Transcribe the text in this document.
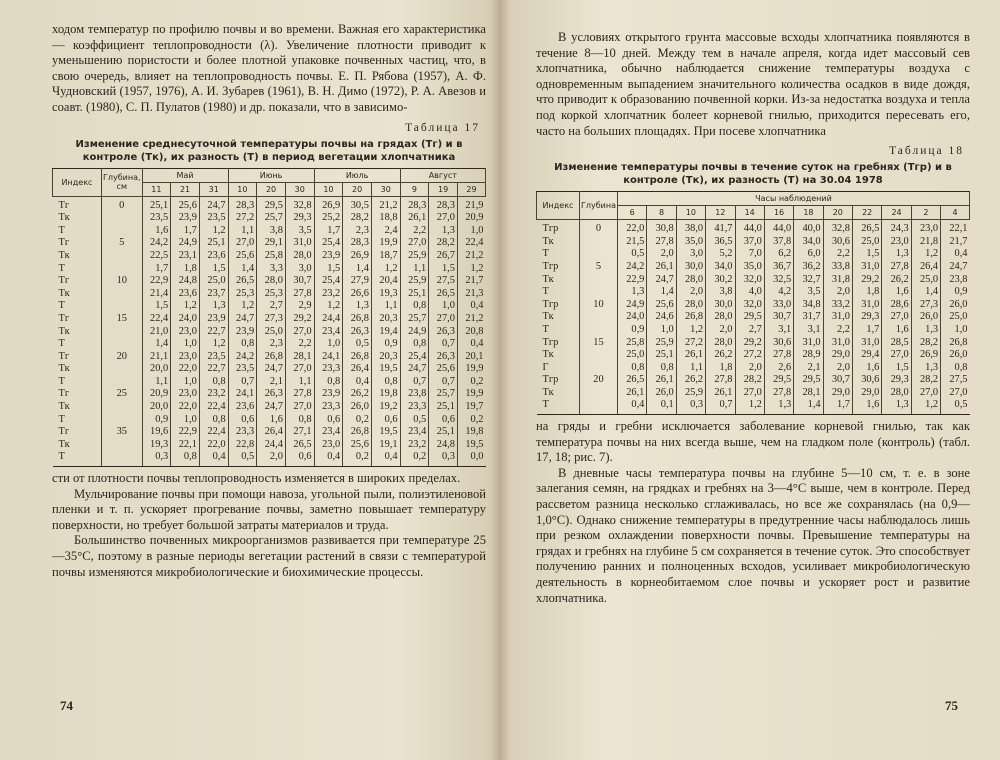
ходом температур по профилю почвы и во времени. Важная его характеристика — коэффициент теплопроводности (λ). Увеличение плотности приводит к уменьшению пористости и более плотной упаковке почвенных частиц, что, в свою очередь, влияет на теплопроводность почвы. Е. П. Рябова (1957), А. Ф. Чудновский (1957, 1976), А. И. Зубарев (1961), В. Н. Димо (1972), Р. А. Авезов и соавт. (1980), С. П. Пулатов (1980) и др. показали, что в зависимо-

Таблица 17
Изменение среднесуточной температуры почвы на грядах (Тг) и в контроле (Тк), их разность (Т) в период вегетации хлопчатника
Индекс	Глубина, см	Май			Июнь			Июль			Август		
		11	21	31	10	20	30	10	20	30	9	19	29
Тг	0	25,1	25,6	24,7	28,3	29,5	32,8	26,9	30,5	21,2	28,3	28,3	21,9
Тк		23,5	23,9	23,5	27,2	25,7	29,3	25,2	28,2	18,8	26,1	27,0	20,9
Т		1,6	1,7	1,2	1,1	3,8	3,5	1,7	2,3	2,4	2,2	1,3	1,0
Тг	5	24,2	24,9	25,1	27,0	29,1	31,0	25,4	28,3	19,9	27,0	28,2	22,4
Тк		22,5	23,1	23,6	25,6	25,8	28,0	23,9	26,9	18,7	25,9	26,7	21,2
Т		1,7	1,8	1,5	1,4	3,3	3,0	1,5	1,4	1,2	1,1	1,5	1,2
Тг	10	22,9	24,8	25,0	26,5	28,0	30,7	25,4	27,9	20,4	25,9	27,5	21,7
Тк		21,4	23,6	23,7	25,3	25,3	27,8	23,2	26,6	19,3	25,1	26,5	21,3
Т		1,5	1,2	1,3	1,2	2,7	2,9	1,2	1,3	1,1	0,8	1,0	0,4
Тг	15	22,4	24,0	23,9	24,7	27,3	29,2	24,4	26,8	20,3	25,7	27,0	21,2
Тк		21,0	23,0	22,7	23,9	25,0	27,0	23,4	26,3	19,4	24,9	26,3	20,8
Т		1,4	1,0	1,2	0,8	2,3	2,2	1,0	0,5	0,9	0,8	0,7	0,4
Тг	20	21,1	23,0	23,5	24,2	26,8	28,1	24,1	26,8	20,3	25,4	26,3	20,1
Тк		20,0	22,0	22,7	23,5	24,7	27,0	23,3	26,4	19,5	24,7	25,6	19,9
Т		1,1	1,0	0,8	0,7	2,1	1,1	0,8	0,4	0,8	0,7	0,7	0,2
Тг	25	20,9	23,0	23,2	24,1	26,3	27,8	23,9	26,2	19,8	23,8	25,7	19,9
Тк		20,0	22,0	22,4	23,6	24,7	27,0	23,3	26,0	19,2	23,3	25,1	19,7
Т		0,9	1,0	0,8	0,6	1,6	0,8	0,6	0,2	0,6	0,5	0,6	0,2
Тг	35	19,6	22,9	22,4	23,3	26,4	27,1	23,4	26,8	19,5	23,4	25,1	19,8
Тк		19,3	22,1	22,0	22,8	24,4	26,5	23,0	25,6	19,1	23,2	24,8	19,5
Т		0,3	0,8	0,4	0,5	2,0	0,6	0,4	0,2	0,4	0,2	0,3	0,0

сти от плотности почвы теплопроводность изменяется в широких пределах.

Мульчирование почвы при помощи навоза, угольной пыли, полиэтиленовой пленки и т. п. ускоряет прогревание почвы, заметно повышает температуру поверхности, но требует большой затраты материалов и труда.

Большинство почвенных микроорганизмов развивается при температуре 25—35°С, поэтому в разные периоды вегетации растений в связи с температурой почвы изменяются микробиологические и биохимические процессы.

74

В условиях открытого грунта массовые всходы хлопчатника появляются в течение 8—10 дней. Между тем в начале апреля, когда идет массовый сев хлопчатника, обычно наблюдается снижение температуры воздуха с одновременным выпадением значительного количества осадков в виде дождя, что приводит к образованию почвенной корки. Из-за недостатка воздуха и тепла под коркой хлопчатник болеет корневой гнилью, приходится пересевать его, часто на больших площадях. При посеве хлопчатника

Таблица 18
Изменение температуры почвы в течение суток на гребнях (Тгр) и в контроле (Тк), их разность (Т) на 30.04 1978
Индекс	Глубина	Часы наблюдений											
		6	8	10	12	14	16	18	20	22	24	2	4
Тгр	0	22,0	30,8	38,0	41,7	44,0	44,0	40,0	32,8	26,5	24,3	23,0	22,1
Тк		21,5	27,8	35,0	36,5	37,0	37,8	34,0	30,6	25,0	23,0	21,8	21,7
Т		0,5	2,0	3,0	5,2	7,0	6,2	6,0	2,2	1,5	1,3	1,2	0,4
Тгр	5	24,2	26,1	30,0	34,0	35,0	36,7	36,2	33,8	31,0	27,8	26,4	24,7
Тк		22,9	24,7	28,0	30,2	32,0	32,5	32,7	31,8	29,2	26,2	25,0	23,8
Т		1,3	1,4	2,0	3,8	4,0	4,2	3,5	2,0	1,8	1,6	1,4	0,9
Тгр	10	24,9	25,6	28,0	30,0	32,0	33,0	34,8	33,2	31,0	28,6	27,3	26,0
Тк		24,0	24,6	26,8	28,0	29,5	30,7	31,7	31,0	29,3	27,0	26,0	25,0
Т		0,9	1,0	1,2	2,0	2,7	3,1	3,1	2,2	1,7	1,6	1,3	1,0
Тгр	15	25,8	25,9	27,2	28,0	29,2	30,6	31,0	31,0	31,0	28,5	28,2	26,8
Тк		25,0	25,1	26,1	26,2	27,2	27,8	28,9	29,0	29,4	27,0	26,9	26,0
Г		0,8	0,8	1,1	1,8	2,0	2,6	2,1	2,0	1,6	1,5	1,3	0,8
Тгр	20	26,5	26,1	26,2	27,8	28,2	29,5	29,5	30,7	30,6	29,3	28,2	27,5
Тк		26,1	26,0	25,9	26,1	27,0	27,8	28,1	29,0	29,0	28,0	27,0	27,0
Т		0,4	0,1	0,3	0,7	1,2	1,3	1,4	1,7	1,6	1,3	1,2	0,5

на гряды и гребни исключается заболевание корневой гнилью, так как температура почвы на них всегда выше, чем на гладком поле (контроль) (табл. 17, 18; рис. 7).

В дневные часы температура почвы на глубине 5—10 см, т. е. в зоне залегания семян, на грядках и гребнях на 3—4°С выше, чем в контроле. Перед рассветом разница несколько сглаживалась, но все же сохранялась (на 0,9—1,0°С). Однако снижение температуры в предутренние часы наблюдалось лишь при резком охлаждении поверхности почвы. Превышение температуры на грядах и гребнях на глубине 5 см сохраняется в течение суток. Это способствует получению ранних и полноценных всходов, усиливает микробиологическую деятельность в корнеобитаемом слое почвы и ускоряет рост и развитие хлопчатника.

75
